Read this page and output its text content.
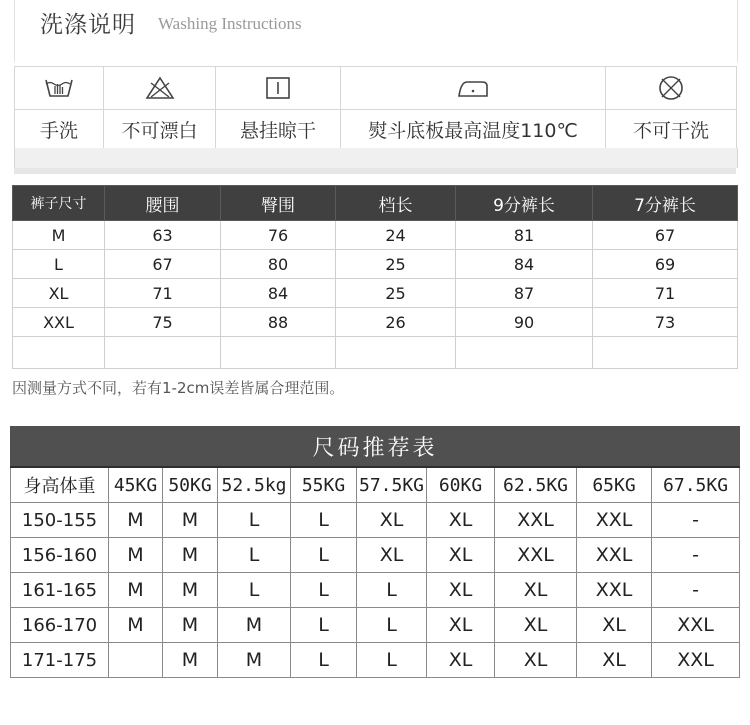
洗涤说明 Washing Instructions

手洗	不可漂白	悬挂晾干	熨斗底板最高温度110℃	不可干洗
裤子尺寸	腰围	臀围	档长	9分裤长	7分裤长
M	63	76	24	81	67
L	67	80	25	84	69
XL	71	84	25	87	71
XXL	75	88	26	90	73

因测量方式不同，若有1-2cm误差皆属合理范围。
尺码推荐表									
身高体重	45KG	50KG	52.5kg	55KG	57.5KG	60KG	62.5KG	65KG	67.5KG
150-155	M	M	L	L	XL	XL	XXL	XXL	-
156-160	M	M	L	L	XL	XL	XXL	XXL	-
161-165	M	M	L	L	L	XL	XL	XXL	-
166-170	M	M	M	L	L	XL	XL	XL	XXL
171-175		M	M	L	L	XL	XL	XL	XXL
